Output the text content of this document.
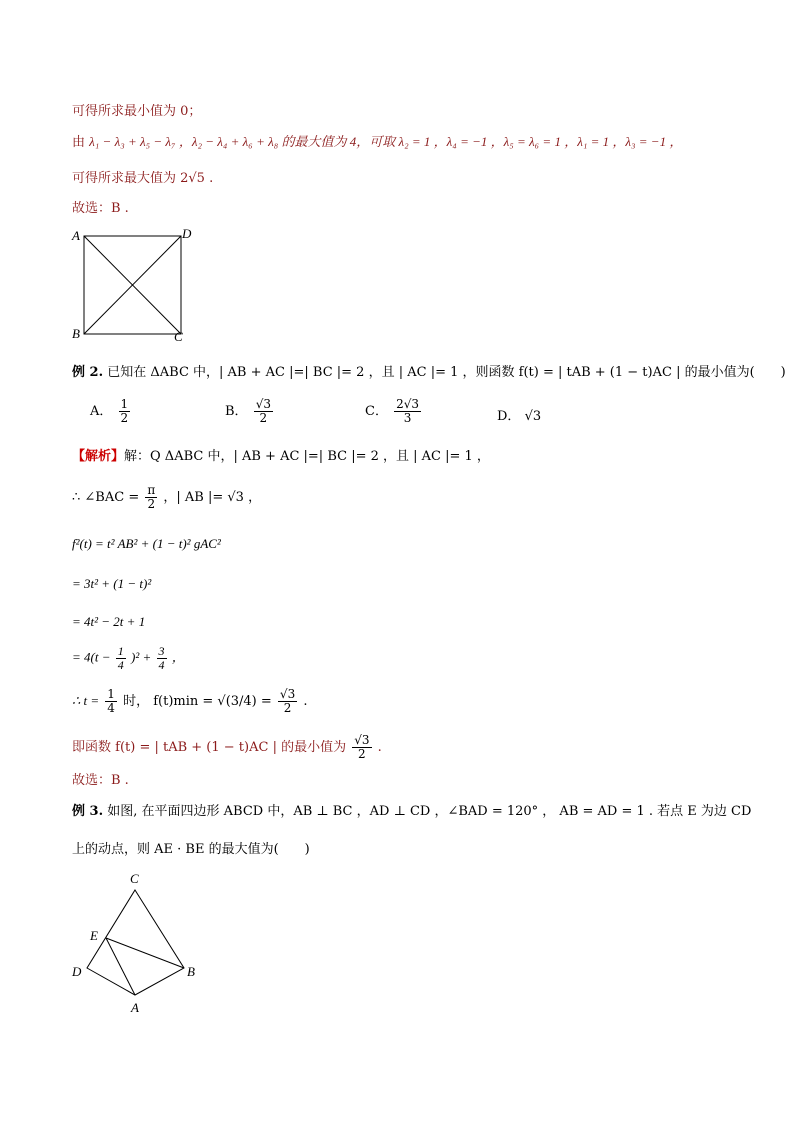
可得所求最小值为 0；
由 λ₁ − λ₃ + λ₅ − λ₇ ，λ₂ − λ₄ + λ₆ + λ₈ 的最大值为 4，可取 λ₂ = 1 ，λ₄ = −1 ，λ₅ = λ₆ = 1 ，λ₁ = 1 ，λ₃ = −1 ，
可得所求最大值为 2√5 .
故选：B .
A	D
B	C
例 2. 已知在 ΔABC 中，| AB + AC |=| BC |= 2 ，且 | AC |= 1 ，则函数 f(t) = | tAB + (1 − t)AC | 的最小值为(　　)
A． $\frac{1}{2}$	B． $\frac{√3}{2}$	C． $\frac{2√3}{3}$	D． √3
【解析】解：Q ΔABC 中，| AB + AC |=| BC |= 2 ，且 | AC |= 1 ，
∴ ∠BAC = $\frac{\pi}{2}$ ，| AB |= √3 ，
f²(t) = t² AB² + (1 − t)² gAC²
= 3t² + (1 − t)²
= 4t² − 2t + 1
= $4(t - \frac{1}{4} )^2 + \frac{3}{4}$ ，
∴ $t = \frac{1}{4}$ 时， $f(t)\min = √(3/4) = \frac{√3}{2}$ .
即函数 f(t) = | tAB + (1 − t)AC | 的最小值为 $\frac{√3}{2}$ .
故选：B .
例 3. 如图, 在平面四边形 ABCD 中，AB ⊥ BC ，AD ⊥ CD ，∠BAD = 120° ， AB = AD = 1 . 若点 E 为边 CD
上的动点，则 AE · BE 的最大值为(　　)
C
E
D	B
A
